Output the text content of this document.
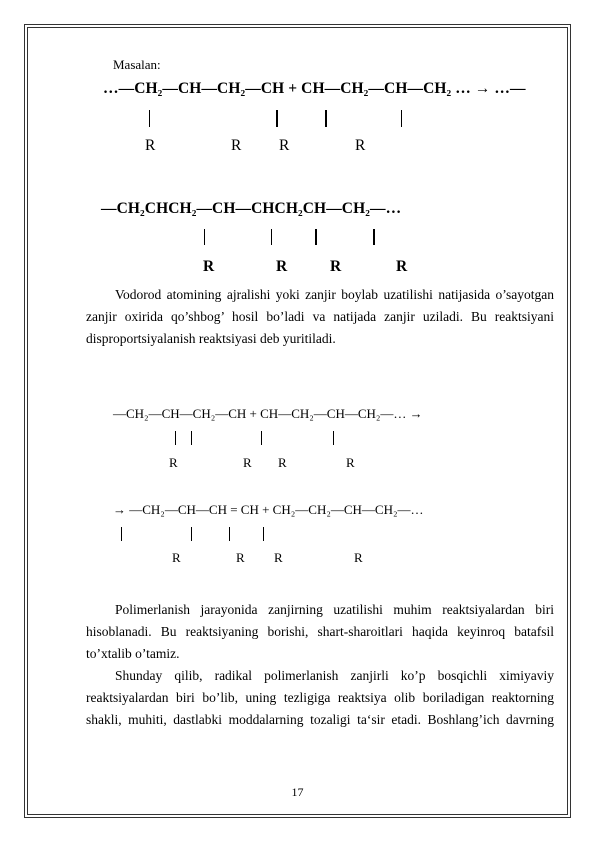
Masalan:
…—CH₂—CH—CH₂—CH + CH—CH₂—CH—CH₂ … → …—
R	R R	R
—CH₂CHCH₂—CH—CHCH₂CH—CH₂—…
R	R	R	R
Vodorod atomining ajralishi yoki zanjir boylab uzatilishi natijasida o’sayotgan zanjir oxirida qo’shbog’ hosil bo’ladi va natijada zanjir uziladi. Bu reaktsiyani disproportsiyalanish reaktsiyasi deb yuritiladi.
—CH₂—CH—CH₂—CH + CH—CH₂—CH—CH₂—… →
R	R R	R
→ —CH₂—CH—CH = CH + CH₂—CH₂—CH—CH₂—…
R	R R	R
Polimerlanish jarayonida zanjirning uzatilishi muhim reaktsiyalardan biri hisoblanadi. Bu reaktsiyaning borishi, shart-sharoitlari haqida keyinroq batafsil to’xtalib o’tamiz.
Shunday qilib, radikal polimerlanish zanjirli ko’p bosqichli ximiyaviy reaktsiyalardan biri bo’lib, uning tezligiga reaktsiya olib boriladigan reaktorning shakli, muhiti, dastlabki moddalarning tozaligi ta‘sir etadi. Boshlang’ich davrning
17
